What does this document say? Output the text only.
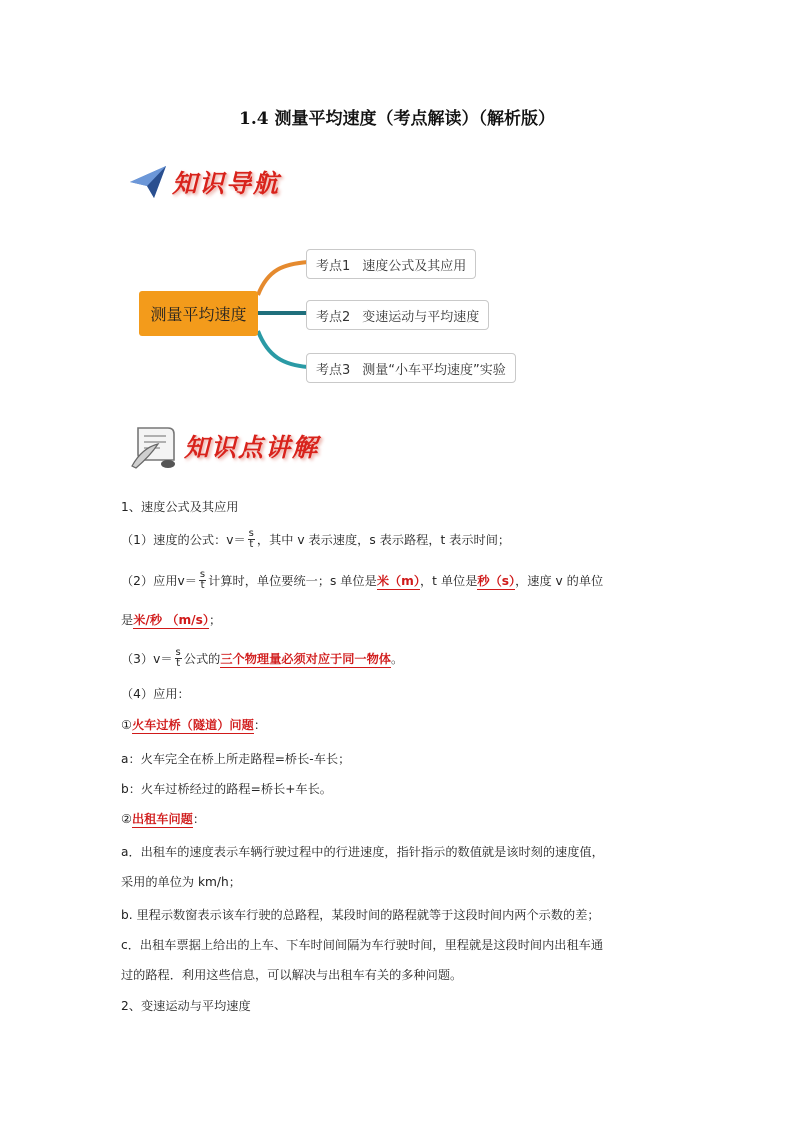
1.4 测量平均速度（考点解读）（解析版）
知识导航
测量平均速度
考点1 速度公式及其应用
考点2 变速运动与平均速度
考点3 测量“小车平均速度”实验
知识点讲解
1、速度公式及其应用
（1）速度的公式：$v= \frac{s}{t}$ ，其中 v 表示速度，s 表示路程，t 表示时间；
（2）应用$v= \frac{s}{t}$ 计算时，单位要统一；s 单位是米（m），t 单位是秒（s），速度 v 的单位
是米/秒 （m/s）；
$(3)v= \frac{s}{t}$ 公式的三个物理量必须对应于同一物体。
（4）应用：
①火车过桥（隧道）问题：
a：火车完全在桥上所走路程=桥长-车长；
b：火车过桥经过的路程=桥长+车长。
②出租车问题：
a．出租车的速度表示车辆行驶过程中的行进速度，指针指示的数值就是该时刻的速度值，
采用的单位为 km/h；
b. 里程示数窗表示该车行驶的总路程，某段时间的路程就等于这段时间内两个示数的差；
c．出租车票据上给出的上车、下车时间间隔为车行驶时间，里程就是这段时间内出租车通
过的路程．利用这些信息，可以解决与出租车有关的多种问题。
2、变速运动与平均速度
